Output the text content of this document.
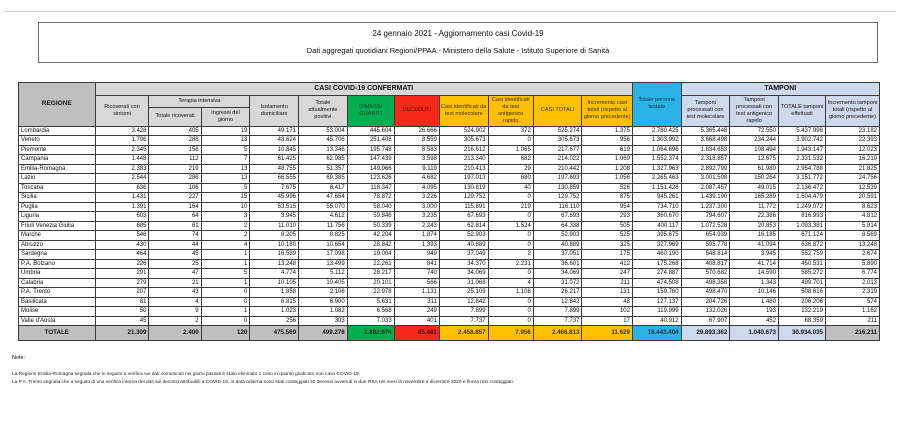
24 gennaio 2021 - Aggiornamento casi Covid-19
Dati aggregati quotidiani Regioni/PPAA - Ministero della Salute - Istituto Superiore di Sanità
REGIONE	CASI COVID-19 CONFERMATI											Totale persone testate	TAMPONI			
	Ricoverati con sintomi	Terapia intensiva		Isolamento domiciliare	Totale attualmente positivi	DIMESSI GUARITI	DECEDUTI	Casi identificati da test molecolare	Casi identificati da test antigenico rapido	CASI TOTALI	Incremento casi totali (rispetto al giorno precedente)		Tamponi processati con test molecolare	Tamponi processati con test antigenico rapido	TOTALE tamponi effettuati	Incremento tamponi totali (rispetto al giorno precedente)
		Totale ricoverati	Ingressi del giorno													
Lombardia	3.428	405	19	49.171	53.004	445.604	26.666	524.902	372	525.274	1.375	2.780.425	5.365.448	72.550	5.437.998	23.182
Veneto	1.796	286	13	43.624	45.706	251.408	8.559	305.673	0	305.673	956	1.303.992	3.668.498	234.244	3.902.742	22.393
Piemonte	2.345	156	5	10.845	13.346	195.748	8.583	216.612	1.065	217.677	619	1.064.696	1.834.653	108.494	1.943.147	12.023
Campania	1.448	112	7	61.425	62.985	147.439	3.598	213.340	682	214.022	1.069	1.552.374	2.318.857	12.675	2.331.532	16.219
Emilia-Romagna	2.383	219	13	48.755	51.357	149.966	9.119	210.413	29	210.442	1.208	1.327.963	2.892.799	61.989	2.954.788	21.825
Lazio	2.544	286	13	66.555	69.385	123.626	4.682	197.013	680	197.693	1.056	2.265.463	3.001.508	150.264	3.151.772	24.756
Toscana	636	106	5	7.675	8.417	118.347	4.095	130.819	40	130.859	526	1.151.428	2.087.457	49.015	2.136.472	12.539
Sicilia	1.431	227	15	45.996	47.654	78.872	3.226	129.752	0	129.752	875	945.261	1.439.190	165.289	1.604.479	20.591
Puglia	1.391	164	10	53.515	55.070	58.040	3.000	115.891	219	116.110	954	734.710	1.237.300	11.772	1.249.072	8.623
Liguria	603	64	3	3.945	4.612	59.846	3.235	67.693	0	67.693	293	360.670	794.607	22.386	816.993	4.812
Friuli Venezia Giulia	685	61	2	11.010	11.756	50.339	2.243	62.814	1.524	64.338	505	400.117	1.072.528	20.853	1.093.381	5.814
Marche	546	74	2	8.205	8.825	42.204	1.874	52.903	0	52.903	525	395.675	654.939	16.185	671.124	8.569
Abruzzo	430	44	4	10.180	10.654	28.842	1.393	40.889	0	40.889	325	327.969	595.778	41.094	636.872	13.248
Sardegna	464	45	1	16.589	17.098	19.004	949	37.049	2	37.051	175	460.190	548.814	3.945	552.759	2.674
P.A. Bolzano	226	25	1	13.248	13.499	22.261	841	34.370	2.231	36.601	412	175.268	408.817	41.714	450.531	5.890
Umbria	291	47	5	4.774	5.112	28.217	740	34.069	0	34.069	247	274.887	570.682	14.590	585.272	6.774
Calabria	279	21	1	10.105	10.405	20.101	566	31.068	4	31.072	211	474.508	498.358	1.343	499.701	2.013
P.A. Trento	207	43	0	1.858	2.108	22.978	1.131	25.109	1.108	26.217	131	159.760	498.470	10.146	508.616	2.319
Basilicata	81	4	0	6.815	6.900	5.631	311	12.842	0	12.842	48	127.137	204.726	1.480	206.206	574
Molise	50	9	1	1.023	1.082	6.568	249	7.899	0	7.899	102	119.999	132.026	193	132.219	1.162
Valle d'Aosta	45	2	0	256	303	7.033	401	7.737	0	7.737	17	40.912	67.907	452	68.359	211
TOTALE	21.309	2.400	120	475.569	499.278	1.882.074	85.461	2.458.857	7.956	2.466.813	11.629	16.443.404	29.893.362	1.040.673	30.934.035	216.211
Note:
La Regione Emilia-Romagna segnala che in seguito a verifica sui dati comunicati nei giorni passati è stato eliminato 1 caso in quanto giudicato non caso COVID-19.
La P.A. Trento segnala che a seguito di una verifica interna dei dati sui decessi attribuibili a COVID-19, in data odierna sono stati conteggiati 30 decessi avvenuti in due RSA nei mesi di novembre e dicembre 2020 e finora non conteggiati.
